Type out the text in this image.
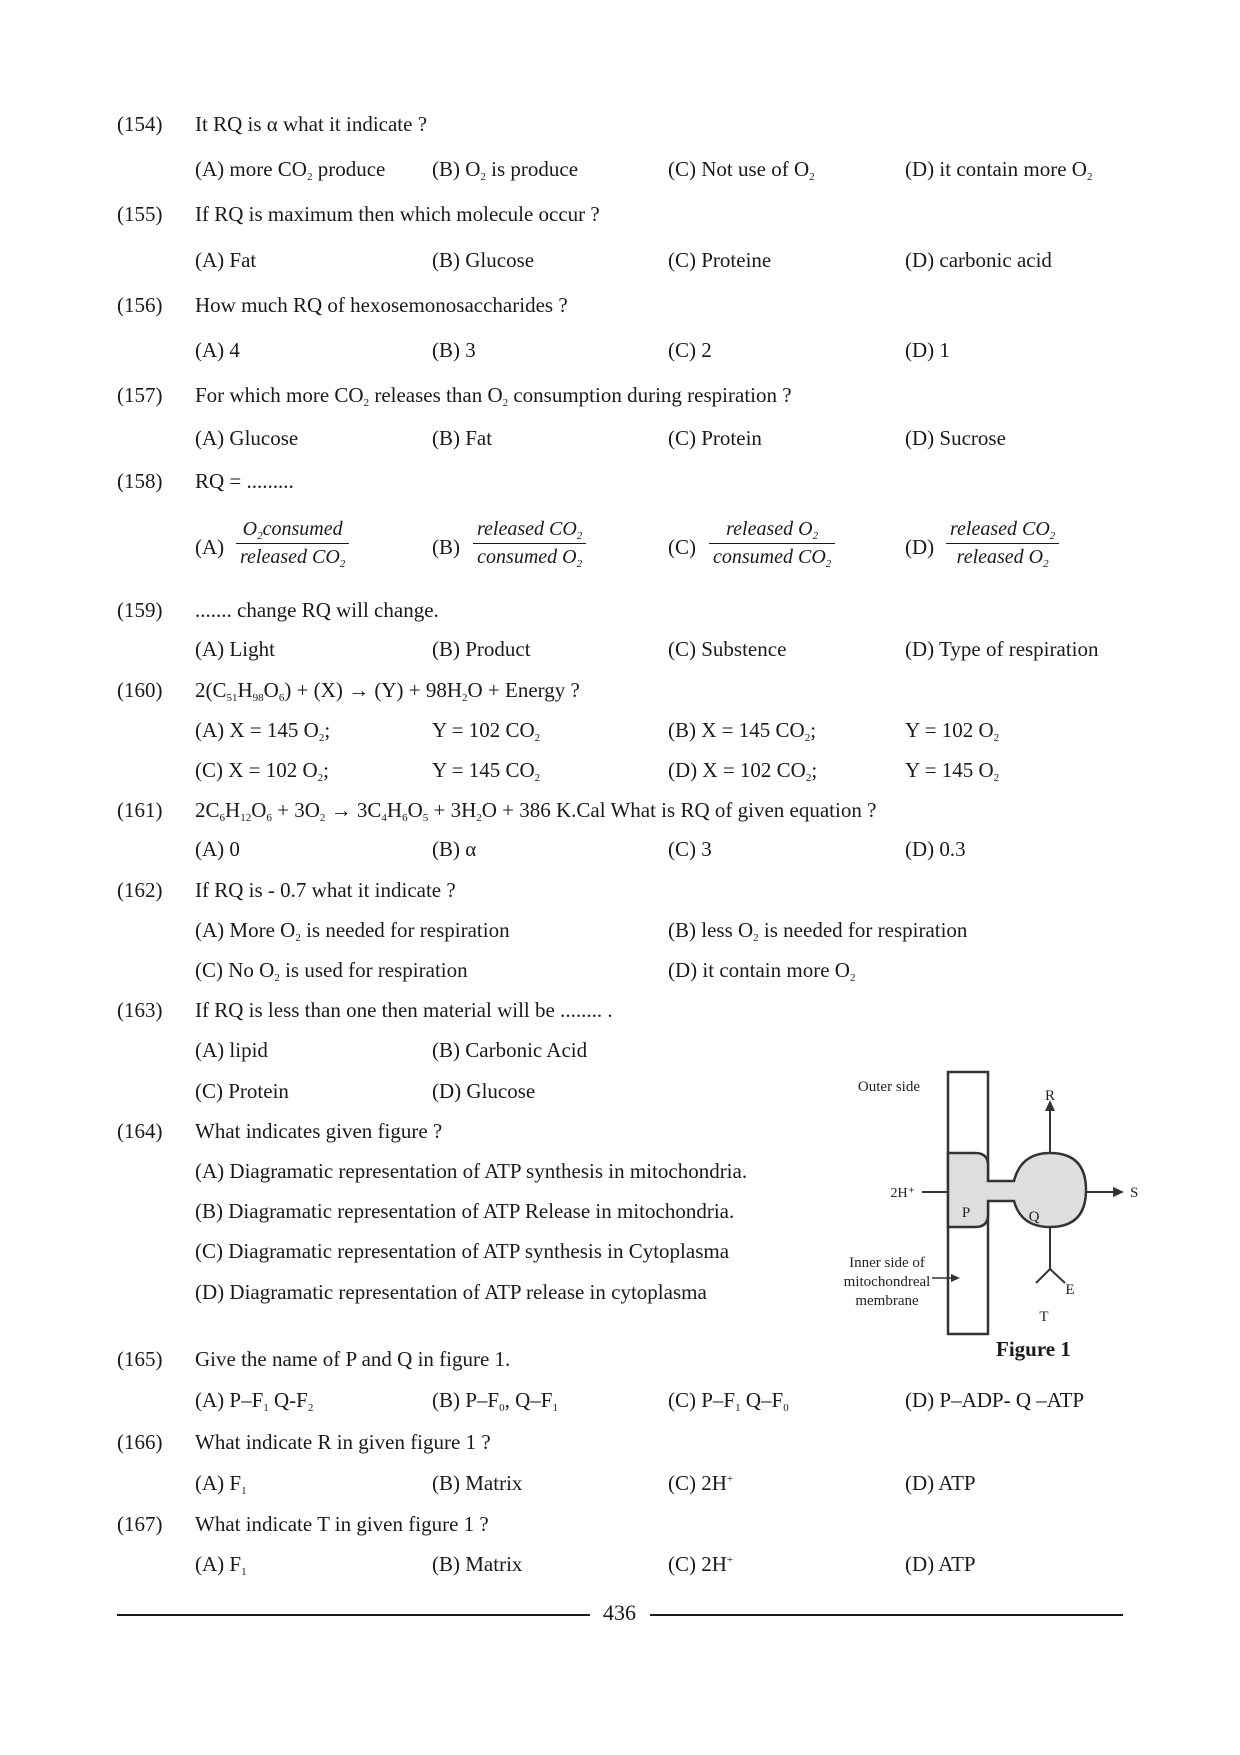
(154) It RQ is α what it indicate ?
(A) more $CO_2$ produce (B) $O_2$ is produce	(C) Not use of $O_2$	(D) it contain more $O_2$
(155) If RQ is maximum then which molecule occur ?
(A) Fat	(B) Glucose	(C) Proteine	(D) carbonic acid
(156) How much RQ of hexosemonosaccharides ?
(A) 4	(B) 3	(C) 2	(D) 1
(157) For which more $CO_2$ releases than $O_2$ consumption during respiration ?
(A) Glucose	(B) Fat	(C) Protein	(D) Sucrose
(158) RQ = .........
(A)
$O_2consumed$
released $CO_2$
(B)
released $CO_2$
consumed $O_2$
(C)
released $O_2$
consumed $CO_2$
(D)
released $CO_2$
released $O_2$
(159) ....... change RQ will change.
(A) Light	(B) Product	(C) Substence	(D) Type of respiration
(160) $2(C_{51}H_{98}O_6) + (X) \to (Y) + 98H_2O$ + Energy ?
(A) X = 145 $O_2$;	Y = 102 $CO_2$	(B) X = 145 $CO_2$;	Y = 102 $O_2$
(C) X = 102 $O_2$;	Y = 145 $CO_2$	(D) X = 102 $CO_2$;	Y = 145 $O_2$
(161) $2C_6H_{12}O_6 + 3O_2 \to 3C_4H_6O_5 + 3H_2O + 386$ K.Cal What is RQ of given equation ?
(A) 0	(B) α	(C) 3	(D) 0.3
(162) If RQ is - 0.7 what it indicate ?
(A) More $O_2$ is needed for respiration	(B) less $O_2$ is needed for respiration
(C) No $O_2$ is used for respiration	(D) it contain more $O_2$
(163) If RQ is less than one then material will be ........ .
(A) lipid	(B) Carbonic Acid
(C) Protein	(D) Glucose
(164) What indicates given figure ?
(A) Diagramatic representation of ATP synthesis in mitochondria.
(B) Diagramatic representation of ATP Release in mitochondria.
(C) Diagramatic representation of ATP synthesis in Cytoplasma
(D) Diagramatic representation of ATP release in cytoplasma
Outer side
R
S
2H⁺
P	Q
E
T
Inner side of
mitochondreal
membrane
Figure 1
(165) Give the name of P and Q in figure 1.
(A) $P-F_1$ $Q-F_2$	(B) $P-F_0$, $Q-F_1$	(C) $P-F_1$ $Q-F_0$	(D) P–ADP- Q –ATP
(166) What indicate R in given figure 1 ?
(A) $F_1$	(B) Matrix	(C) 2H+	(D) ATP
(167) What indicate T in given figure 1 ?
(A) $F_1$	(B) Matrix	(C) 2H+	(D) ATP
436
